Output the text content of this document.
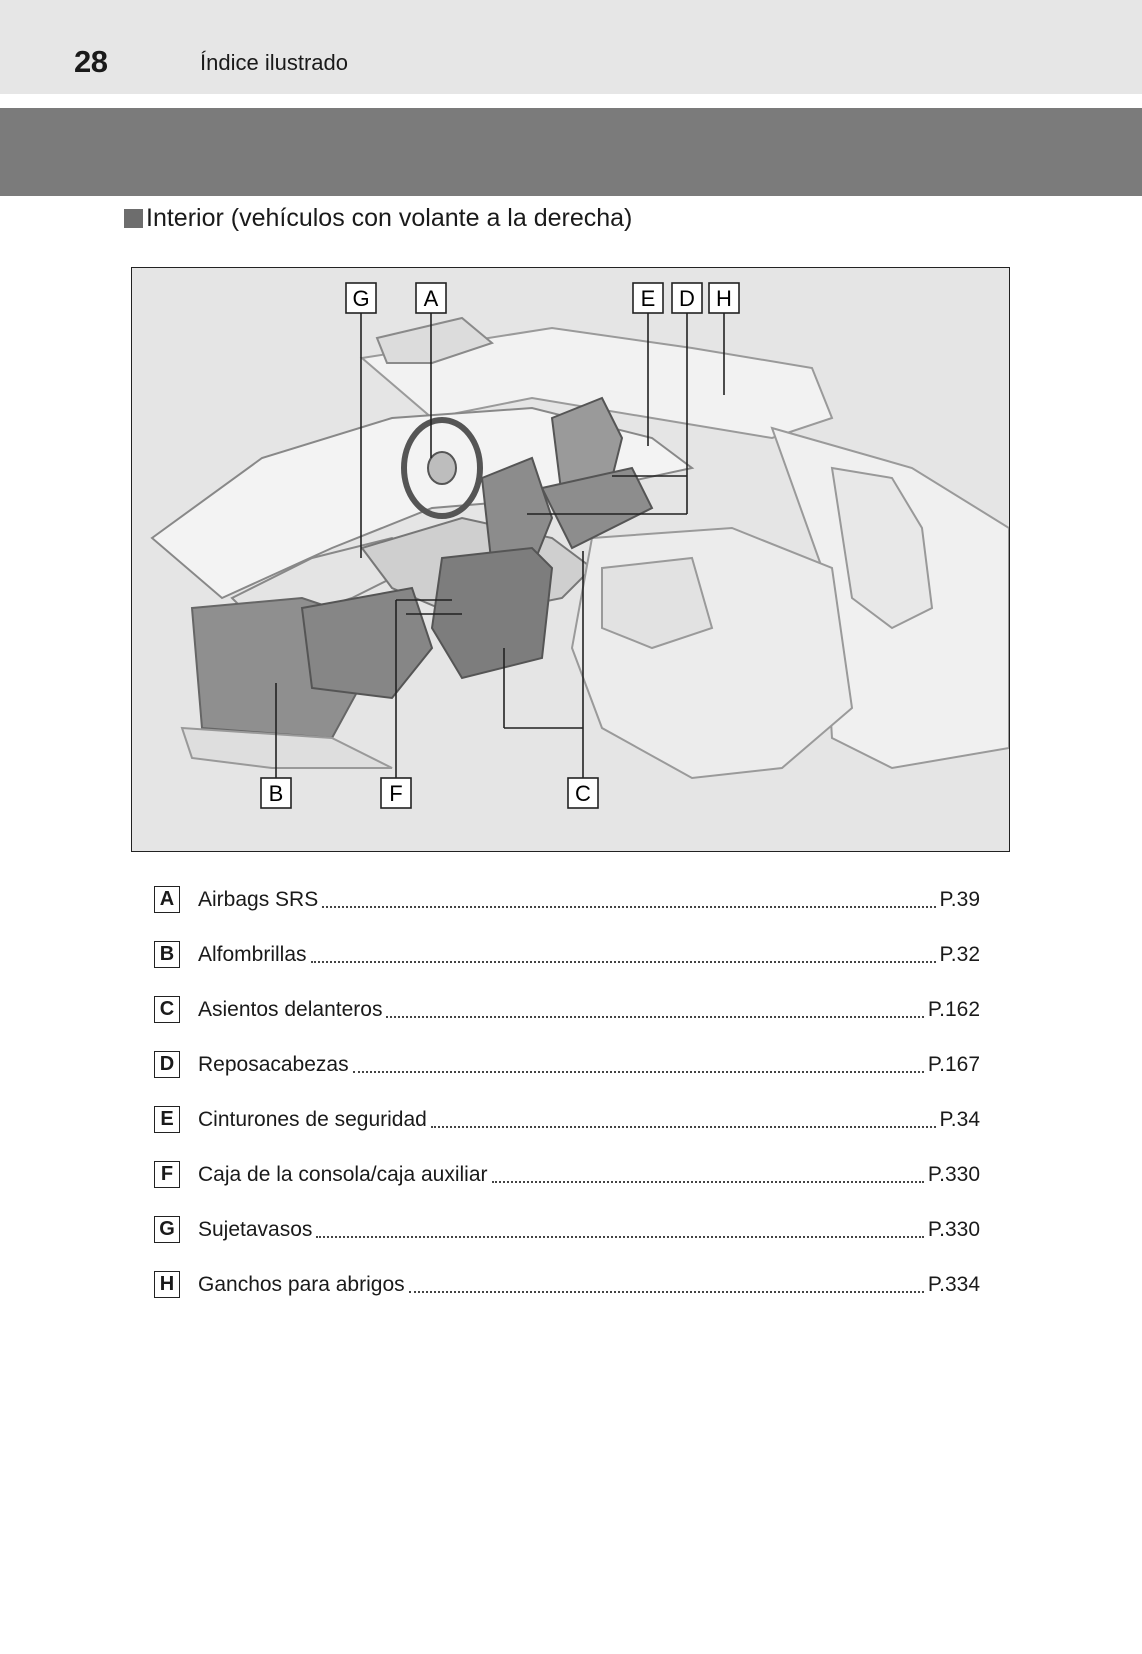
28	Índice ilustrado
Interior (vehículos con volante a la derecha)
G A	E D H
B	F	C
A Airbags SRS	P.39
B Alfombrillas	P.32
C Asientos delanteros	P.162
D Reposacabezas	P.167
E	Cinturones de seguridad	P.34
F	Caja de la consola/caja auxiliar	P.330
G Sujetavasos	P.330
H Ganchos para abrigos	P.334
